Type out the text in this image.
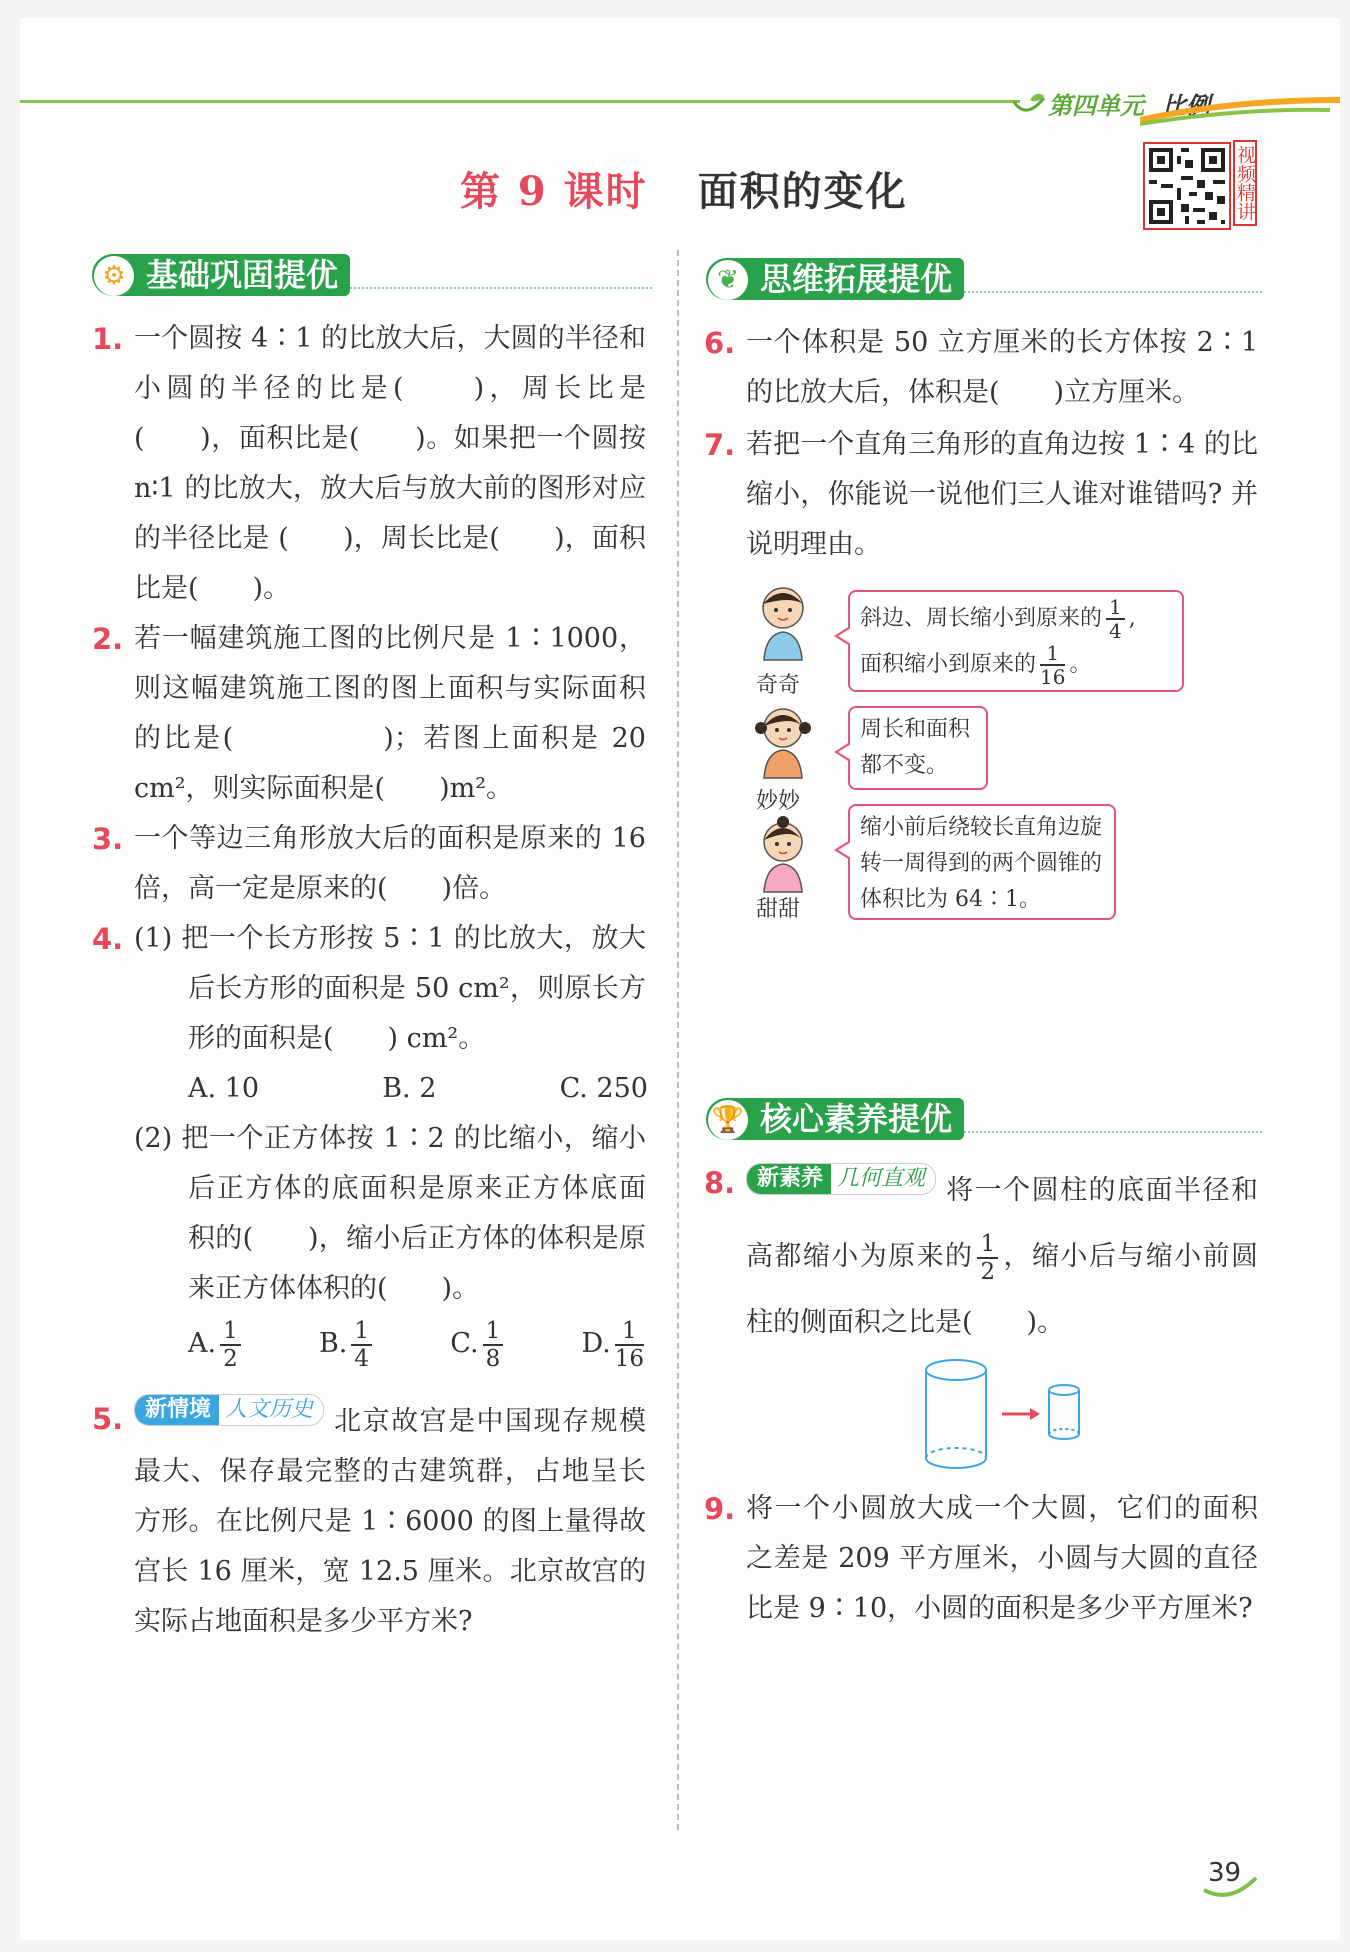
第四单元 比例
第 9 课时 面积的变化	视频精讲
⚙ 基础巩固提优	❦ 思维拓展提优
🏆 核心素养提优
1. 一个圆按 4∶1 的比放大后，大圆的半径和小圆的半径的比是(　　)，周长比是(　　)，面积比是(　　)。如果把一个圆按 n∶1 的比放大，放大后与放大前的图形对应的半径比是 (　　)，周长比是(　　)，面积比是(　　)。
2. 若一幅建筑施工图的比例尺是 1∶1000，则这幅建筑施工图的图上面积与实际面积的比是(　　　　　)；若图上面积是 20 cm²，则实际面积是(　　)m²。
3. 一个等边三角形放大后的面积是原来的 16 倍，高一定是原来的(　　)倍。
4. (1) 把一个长方形按 5∶1 的比放大，放大后长方形的面积是 50 cm²，则原长方形的面积是(　　) cm²。
A. 10	B. 2	C. 250
(2) 把一个正方体按 1∶2 的比缩小，缩小后正方体的底面积是原来正方体底面积的(　　)，缩小后正方体的体积是原来正方体体积的(　　)。
A. $\frac{1}{2}$	B. $\frac{1}{4}$	C. $\frac{1}{8}$	D. $\frac{1}{16}$
5. 新情境 人文历史 北京故宫是中国现存规模最大、保存最完整的古建筑群，占地呈长方形。在比例尺是 1∶6000 的图上量得故宫长 16 厘米，宽 12.5 厘米。北京故宫的实际占地面积是多少平方米?
6. 一个体积是 50 立方厘米的长方体按 2∶1 的比放大后，体积是(　　)立方厘米。
7. 若把一个直角三角形的直角边按 1∶4 的比缩小，你能说一说他们三人谁对谁错吗? 并说明理由。
奇奇
斜边、周长缩小到原来的 $\frac{1}{4}$ ,
面积缩小到原来的 $\frac{1}{16}$ 。
妙妙
周长和面积都不变。
甜甜
缩小前后绕较长直角边旋转一周得到的两个圆锥的体积比为 64∶1。
8. 新素养 几何直观 将一个圆柱的底面半径和高都缩小为原来的 $\frac{1}{2}$ ，缩小后与缩小前圆柱的侧面积之比是(　　)。
9. 将一个小圆放大成一个大圆，它们的面积之差是 209 平方厘米，小圆与大圆的直径比是 9∶10，小圆的面积是多少平方厘米?
39
